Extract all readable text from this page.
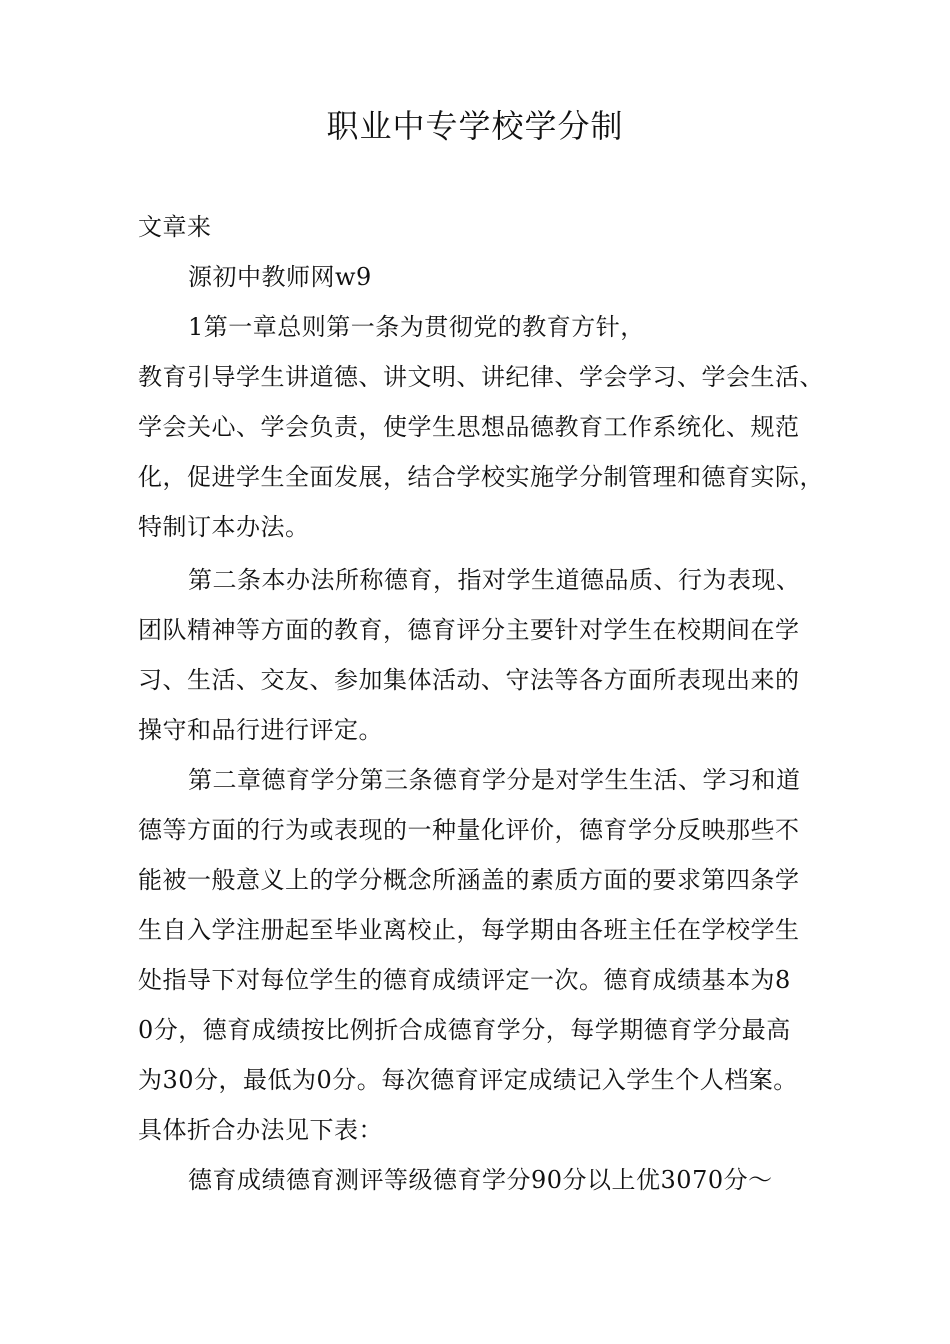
职业中专学校学分制
文章来
源初中教师网w9
1第一章总则第一条为贯彻党的教育方针，
教育引导学生讲道德、讲文明、讲纪律、学会学习、学会生活、
学会关心、学会负责，使学生思想品德教育工作系统化、规范
化，促进学生全面发展，结合学校实施学分制管理和德育实际，
特制订本办法。
第二条本办法所称德育，指对学生道德品质、行为表现、
团队精神等方面的教育，德育评分主要针对学生在校期间在学
习、生活、交友、参加集体活动、守法等各方面所表现出来的
操守和品行进行评定。
第二章德育学分第三条德育学分是对学生生活、学习和道
德等方面的行为或表现的一种量化评价，德育学分反映那些不
能被一般意义上的学分概念所涵盖的素质方面的要求第四条学
生自入学注册起至毕业离校止，每学期由各班主任在学校学生
处指导下对每位学生的德育成绩评定一次。德育成绩基本为8
0分，德育成绩按比例折合成德育学分，每学期德育学分最高
为30分，最低为0分。每次德育评定成绩记入学生个人档案。
具体折合办法见下表：
德育成绩德育测评等级德育学分90分以上优3070分〜
